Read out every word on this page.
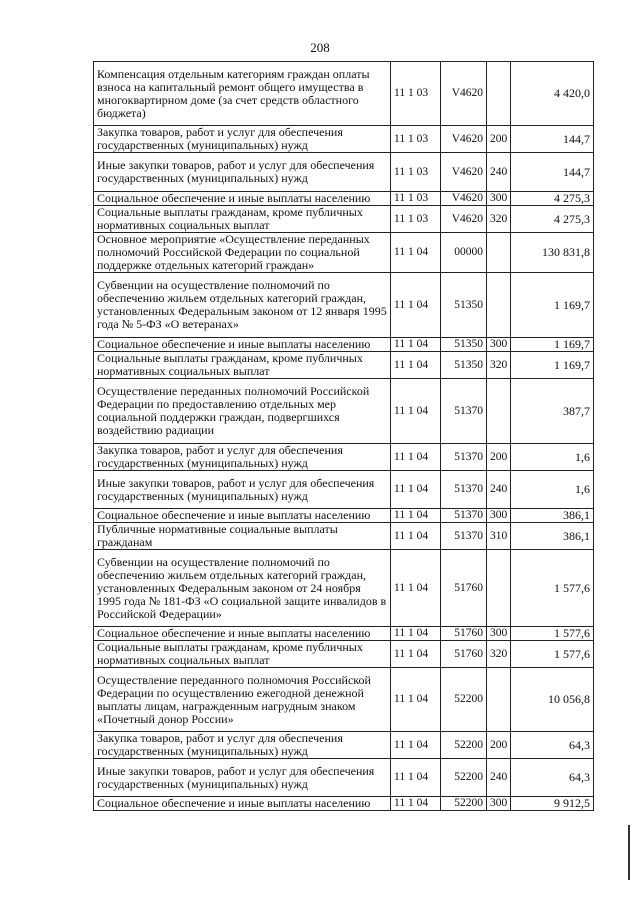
208
Компенсация отдельным категориям граждан оплаты взноса на капитальный ремонт общего имущества в многоквартирном доме (за счет средств областного бюджета)	11 1 03	V4620		4 420,0
Закупка товаров, работ и услуг для обеспечения государственных (муниципальных) нужд	11 1 03	V4620	200	144,7
Иные закупки товаров, работ и услуг для обеспечения государственных (муниципальных) нужд	11 1 03	V4620	240	144,7
Социальное обеспечение и иные выплаты населению	11 1 03	V4620	300	4 275,3
Социальные выплаты гражданам, кроме публичных нормативных социальных выплат	11 1 03	V4620	320	4 275,3
Основное мероприятие «Осуществление переданных полномочий Российской Федерации по социальной поддержке отдельных категорий граждан»	11 1 04	00000		130 831,8
Субвенции на осуществление полномочий по обеспечению жильем отдельных категорий граждан, установленных Федеральным законом от 12 января 1995 года № 5-ФЗ «О ветеранах»	11 1 04	51350		1 169,7
Социальное обеспечение и иные выплаты населению	11 1 04	51350	300	1 169,7
Социальные выплаты гражданам, кроме публичных нормативных социальных выплат	11 1 04	51350	320	1 169,7
Осуществление переданных полномочий Российской Федерации по предоставлению отдельных мер социальной поддержки граждан, подвергшихся воздействию радиации	11 1 04	51370		387,7
Закупка товаров, работ и услуг для обеспечения государственных (муниципальных) нужд	11 1 04	51370	200	1,6
Иные закупки товаров, работ и услуг для обеспечения государственных (муниципальных) нужд	11 1 04	51370	240	1,6
Социальное обеспечение и иные выплаты населению	11 1 04	51370	300	386,1
Публичные нормативные социальные выплаты гражданам	11 1 04	51370	310	386,1
Субвенции на осуществление полномочий по обеспечению жильем отдельных категорий граждан, установленных Федеральным законом от 24 ноября 1995 года № 181-ФЗ «О социальной защите инвалидов в Российской Федерации»	11 1 04	51760		1 577,6
Социальное обеспечение и иные выплаты населению	11 1 04	51760	300	1 577,6
Социальные выплаты гражданам, кроме публичных нормативных социальных выплат	11 1 04	51760	320	1 577,6
Осуществление переданного полномочия Российской Федерации по осуществлению ежегодной денежной выплаты лицам, награжденным нагрудным знаком «Почетный донор России»	11 1 04	52200		10 056,8
Закупка товаров, работ и услуг для обеспечения государственных (муниципальных) нужд	11 1 04	52200	200	64,3
Иные закупки товаров, работ и услуг для обеспечения государственных (муниципальных) нужд	11 1 04	52200	240	64,3
Социальное обеспечение и иные выплаты населению	11 1 04	52200	300	9 912,5
